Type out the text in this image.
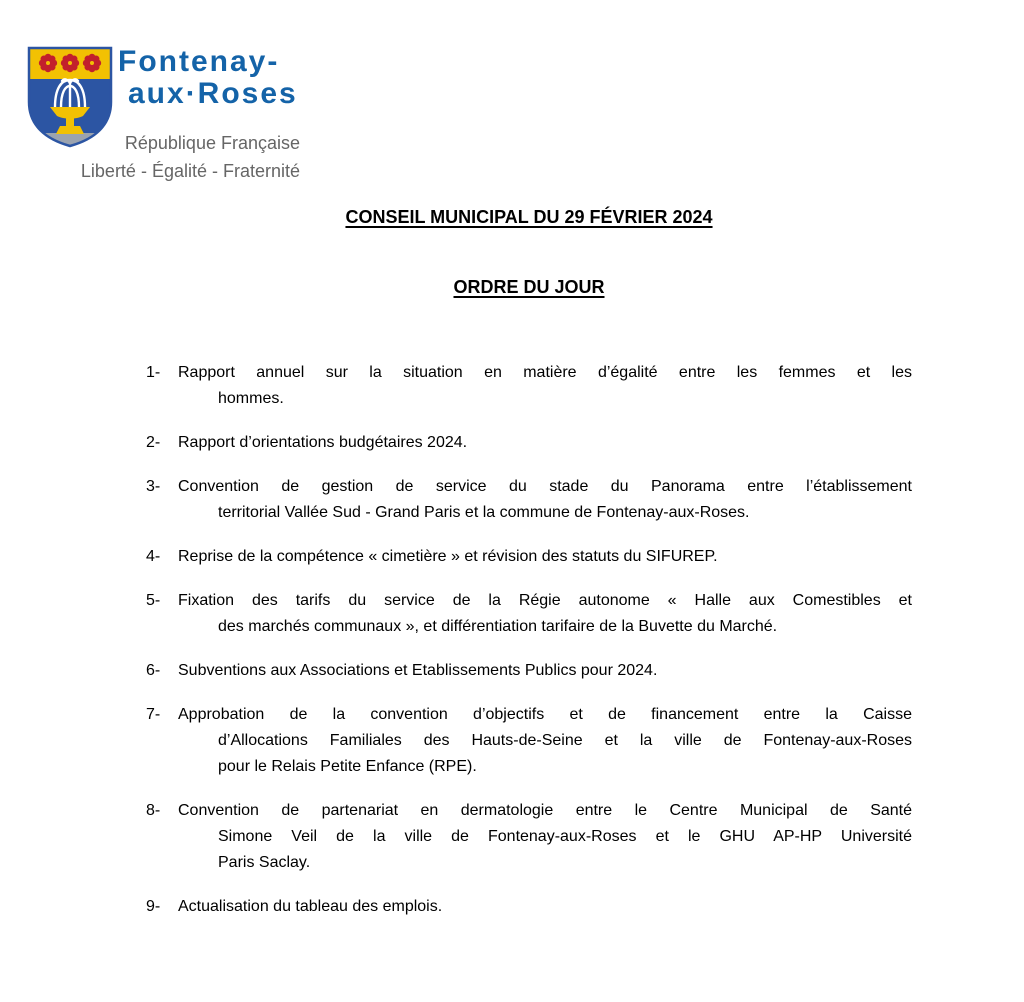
Fontenay-
aux·Roses
République Française
Liberté - Égalité - Fraternité
CONSEIL MUNICIPAL DU 29 FÉVRIER 2024
ORDRE DU JOUR
1- Rapport annuel sur la situation en matière d’égalité entre les femmes et les
hommes.
2- Rapport d’orientations budgétaires 2024.
3- Convention de gestion de service du stade du Panorama entre l’établissement
territorial Vallée Sud - Grand Paris et la commune de Fontenay-aux-Roses.
4- Reprise de la compétence « cimetière » et révision des statuts du SIFUREP.
5- Fixation des tarifs du service de la Régie autonome « Halle aux Comestibles et
des marchés communaux », et différentiation tarifaire de la Buvette du Marché.
6- Subventions aux Associations et Etablissements Publics pour 2024.
7- Approbation de la convention d’objectifs et de financement entre la Caisse
d’Allocations Familiales des Hauts-de-Seine et la ville de Fontenay-aux-Roses
pour le Relais Petite Enfance (RPE).
8- Convention de partenariat en dermatologie entre le Centre Municipal de Santé
Simone Veil de la ville de Fontenay-aux-Roses et le GHU AP-HP Université
Paris Saclay.
9- Actualisation du tableau des emplois.
